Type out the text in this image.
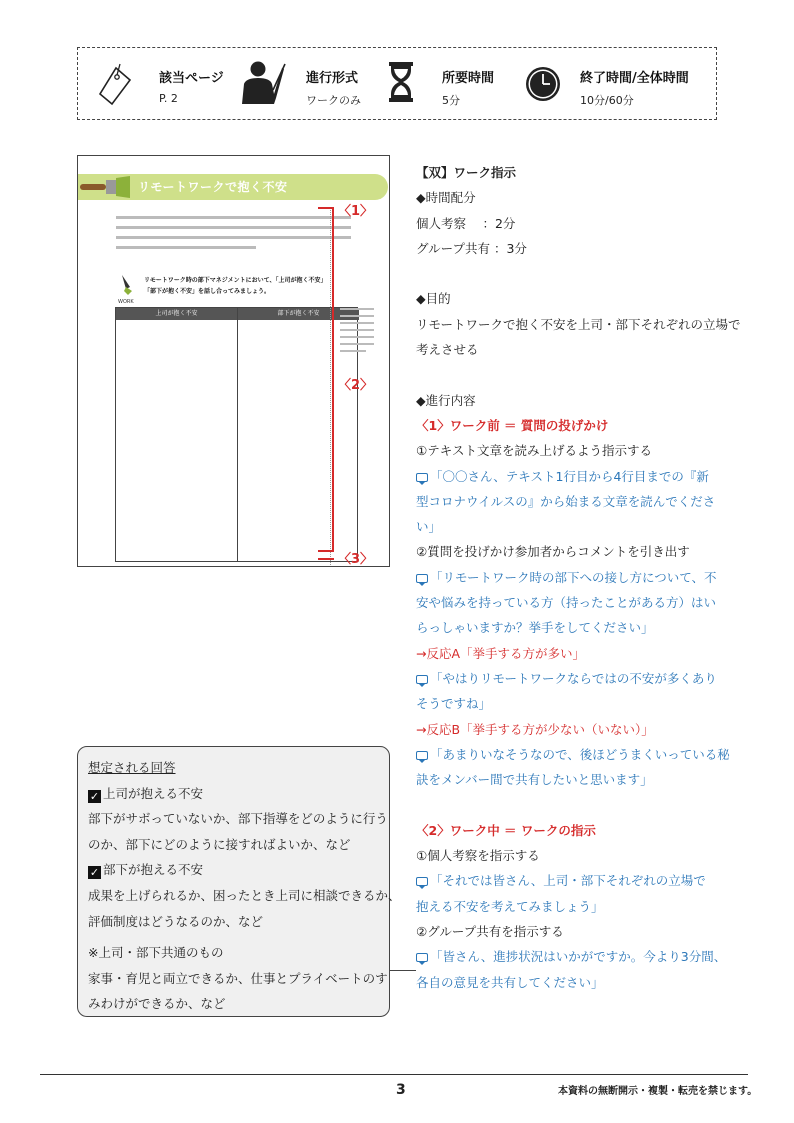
該当ページ
P. 2
進行形式
ワークのみ
所要時間
5分
終了時間/全体時間
10分/60分
リモートワークで抱く不安
WORK
リモートワーク時の部下マネジメントにおいて、「上司が抱く不安」
「部下が抱く不安」を話し合ってみましょう。
上司が抱く不安	部下が抱く不安
〈1〉
〈2〉
〈3〉
【双】ワーク指示
◆時間配分
個人考察　 ：2分
グループ共有 ：3分
◆目的
リモートワークで抱く不安を上司・部下それぞれの立場で
考えさせる
◆進行内容
〈1〉ワーク前 ＝ 質問の投げかけ
①テキスト文章を読み上げるよう指示する
「〇〇さん、テキスト1行目から4行目までの『新
型コロナウイルスの』から始まる文章を読んでくださ
い」
②質問を投げかけ参加者からコメントを引き出す
「リモートワーク時の部下への接し方について、不
安や悩みを持っている方（持ったことがある方）はい
らっしゃいますか？挙手をしてください」
→反応A「挙手する方が多い」
「やはりリモートワークならではの不安が多くあり
そうですね」
→反応B「挙手する方が少ない（いない）」
「あまりいなそうなので、後ほどうまくいっている秘
訣をメンバー間で共有したいと思います」
〈2〉ワーク中 ＝ ワークの指示
①個人考察を指示する
「それでは皆さん、上司・部下それぞれの立場で
抱える不安を考えてみましょう」
②グループ共有を指示する
「皆さん、進捗状況はいかがですか。今より3分間、
各自の意見を共有してください」
想定される回答
✓ 上司が抱える不安
部下がサボっていないか、部下指導をどのように行う
のか、部下にどのように接すればよいか、など
✓ 部下が抱える不安
成果を上げられるか、困ったとき上司に相談できるか、
評価制度はどうなるのか、など
※上司・部下共通のもの
家事・育児と両立できるか、仕事とプライベートのす
みわけができるか、など
3	本資料の無断開示・複製・転売を禁じます。
